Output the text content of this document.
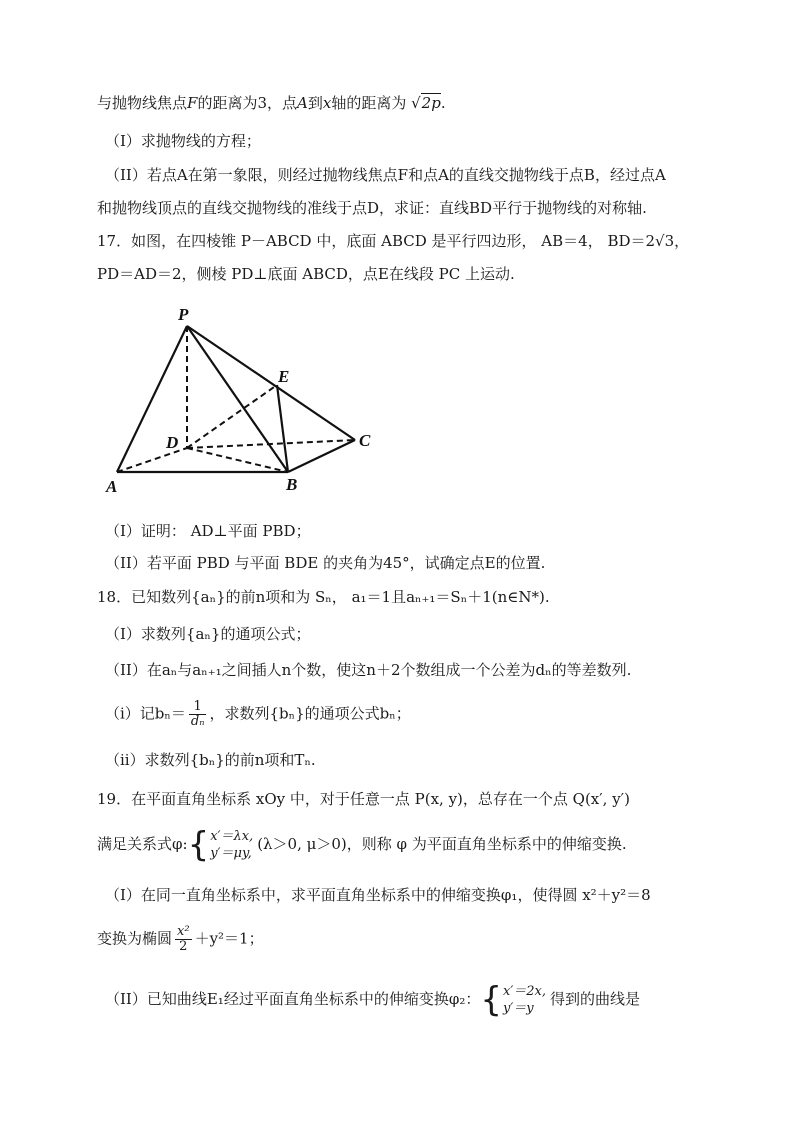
与抛物线焦点F的距离为3，点A到x轴的距离为 √2p.
（I）求抛物线的方程；
（II）若点A在第一象限，则经过抛物线焦点F和点A的直线交抛物线于点B，经过点A
和抛物线顶点的直线交抛物线的准线于点D，求证：直线BD平行于抛物线的对称轴.
17．如图，在四棱锥 P－ABCD 中，底面 ABCD 是平行四边形， AB＝4， BD＝2√3，
PD＝AD＝2，侧棱 PD⊥底面 ABCD，点E在线段 PC 上运动.
P
E
D	C
A	B
（I）证明： AD⊥平面 PBD；
（II）若平面 PBD 与平面 BDE 的夹角为45°，试确定点E的位置.
18．已知数列{aₙ}的前n项和为 Sₙ， a₁＝1且aₙ₊₁＝Sₙ＋1(n∈N*).
（I）求数列{aₙ}的通项公式；
（II）在aₙ与aₙ₊₁之间插人n个数，使这n＋2个数组成一个公差为dₙ的等差数列.
（i）记$b_n= \frac{1}{\text{dₙ}}$ ，求数列{bₙ}的通项公式bₙ；
（ii）求数列{bₙ}的前n项和Tₙ.
19．在平面直角坐标系 xOy 中，对于任意一点 P(x, y)，总存在一个点 Q(x′, y′)
满足关系式φ:{ x′＝λx,
y′＝μy,
(λ＞0, μ＞0)，则称 φ 为平面直角坐标系中的伸缩变换.
（I）在同一直角坐标系中，求平面直角坐标系中的伸缩变换φ₁，使得圆 x²＋y²＝8
变换为椭圆 $\frac{\text{x²}}{2} +y^2=1$；
（II）已知曲线E₁经过平面直角坐标系中的伸缩变换φ₂：{ x′＝2x,
y′＝y
得到的曲线是
